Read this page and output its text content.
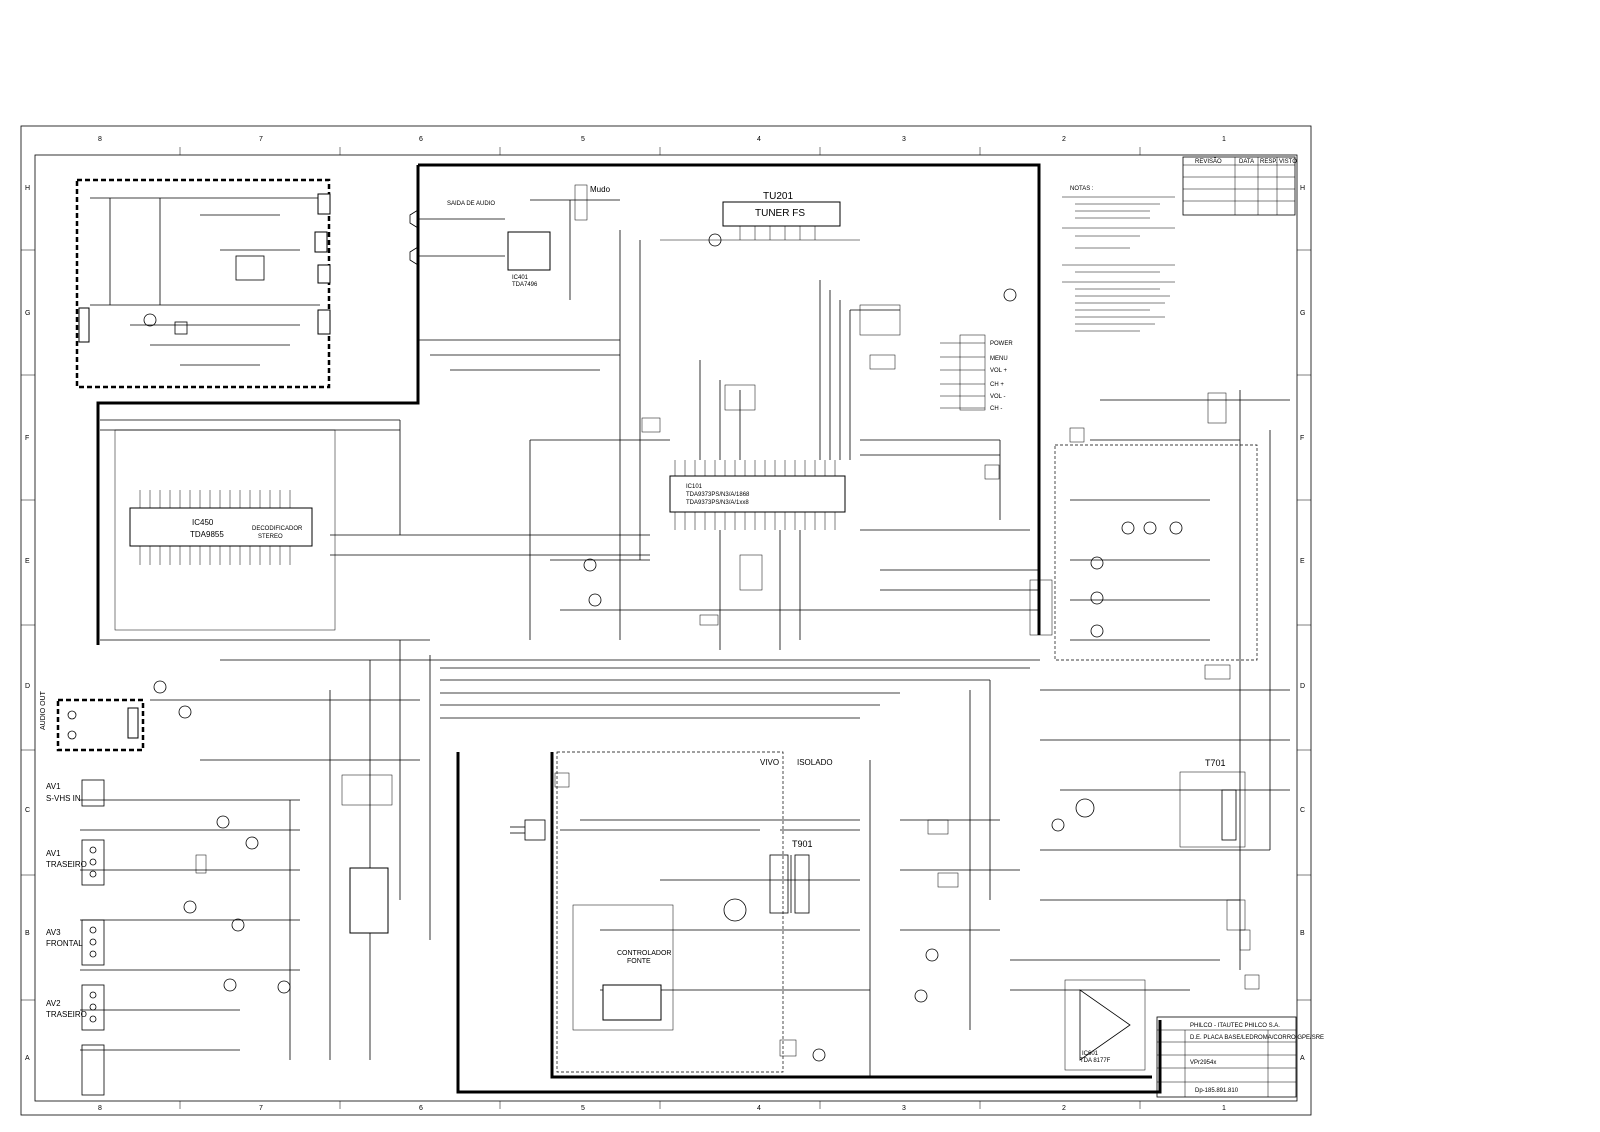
8	7	6	5	4	3	2	1
8	7	6	5	4	3	2	1
H
G
F
E
D
C
B
A
H
G
F
E
D
C
B
A
REVISÃO	DATA RESP. VISTO
NOTAS :
TU201
TUNER FS
Mudo
SAIDA DE AUDIO
IC401
TDA7496
IC101
TDA9373PS/N3/A/1868
TDA9373PS/N3/A/1xx8
POWER
MENU
VOL +
CH +
VOL -
CH -
IC450
TDA9855
DECODIFICADOR
STEREO
T901
T701
VIVO ISOLADO
CONTROLADOR
FONTE
IC601
TDA 8177F
AUDIO OUT
AV1
S-VHS IN
AV1
TRASEIRO
AV3
FRONTAL
AV2
TRASEIRO
PHILCO - ITAUTEC PHILCO S.A.
D.E. PLACA BASE/LEDROMA/CORRO GPE/SRE
VPr2954x
Dp-185.891.810
